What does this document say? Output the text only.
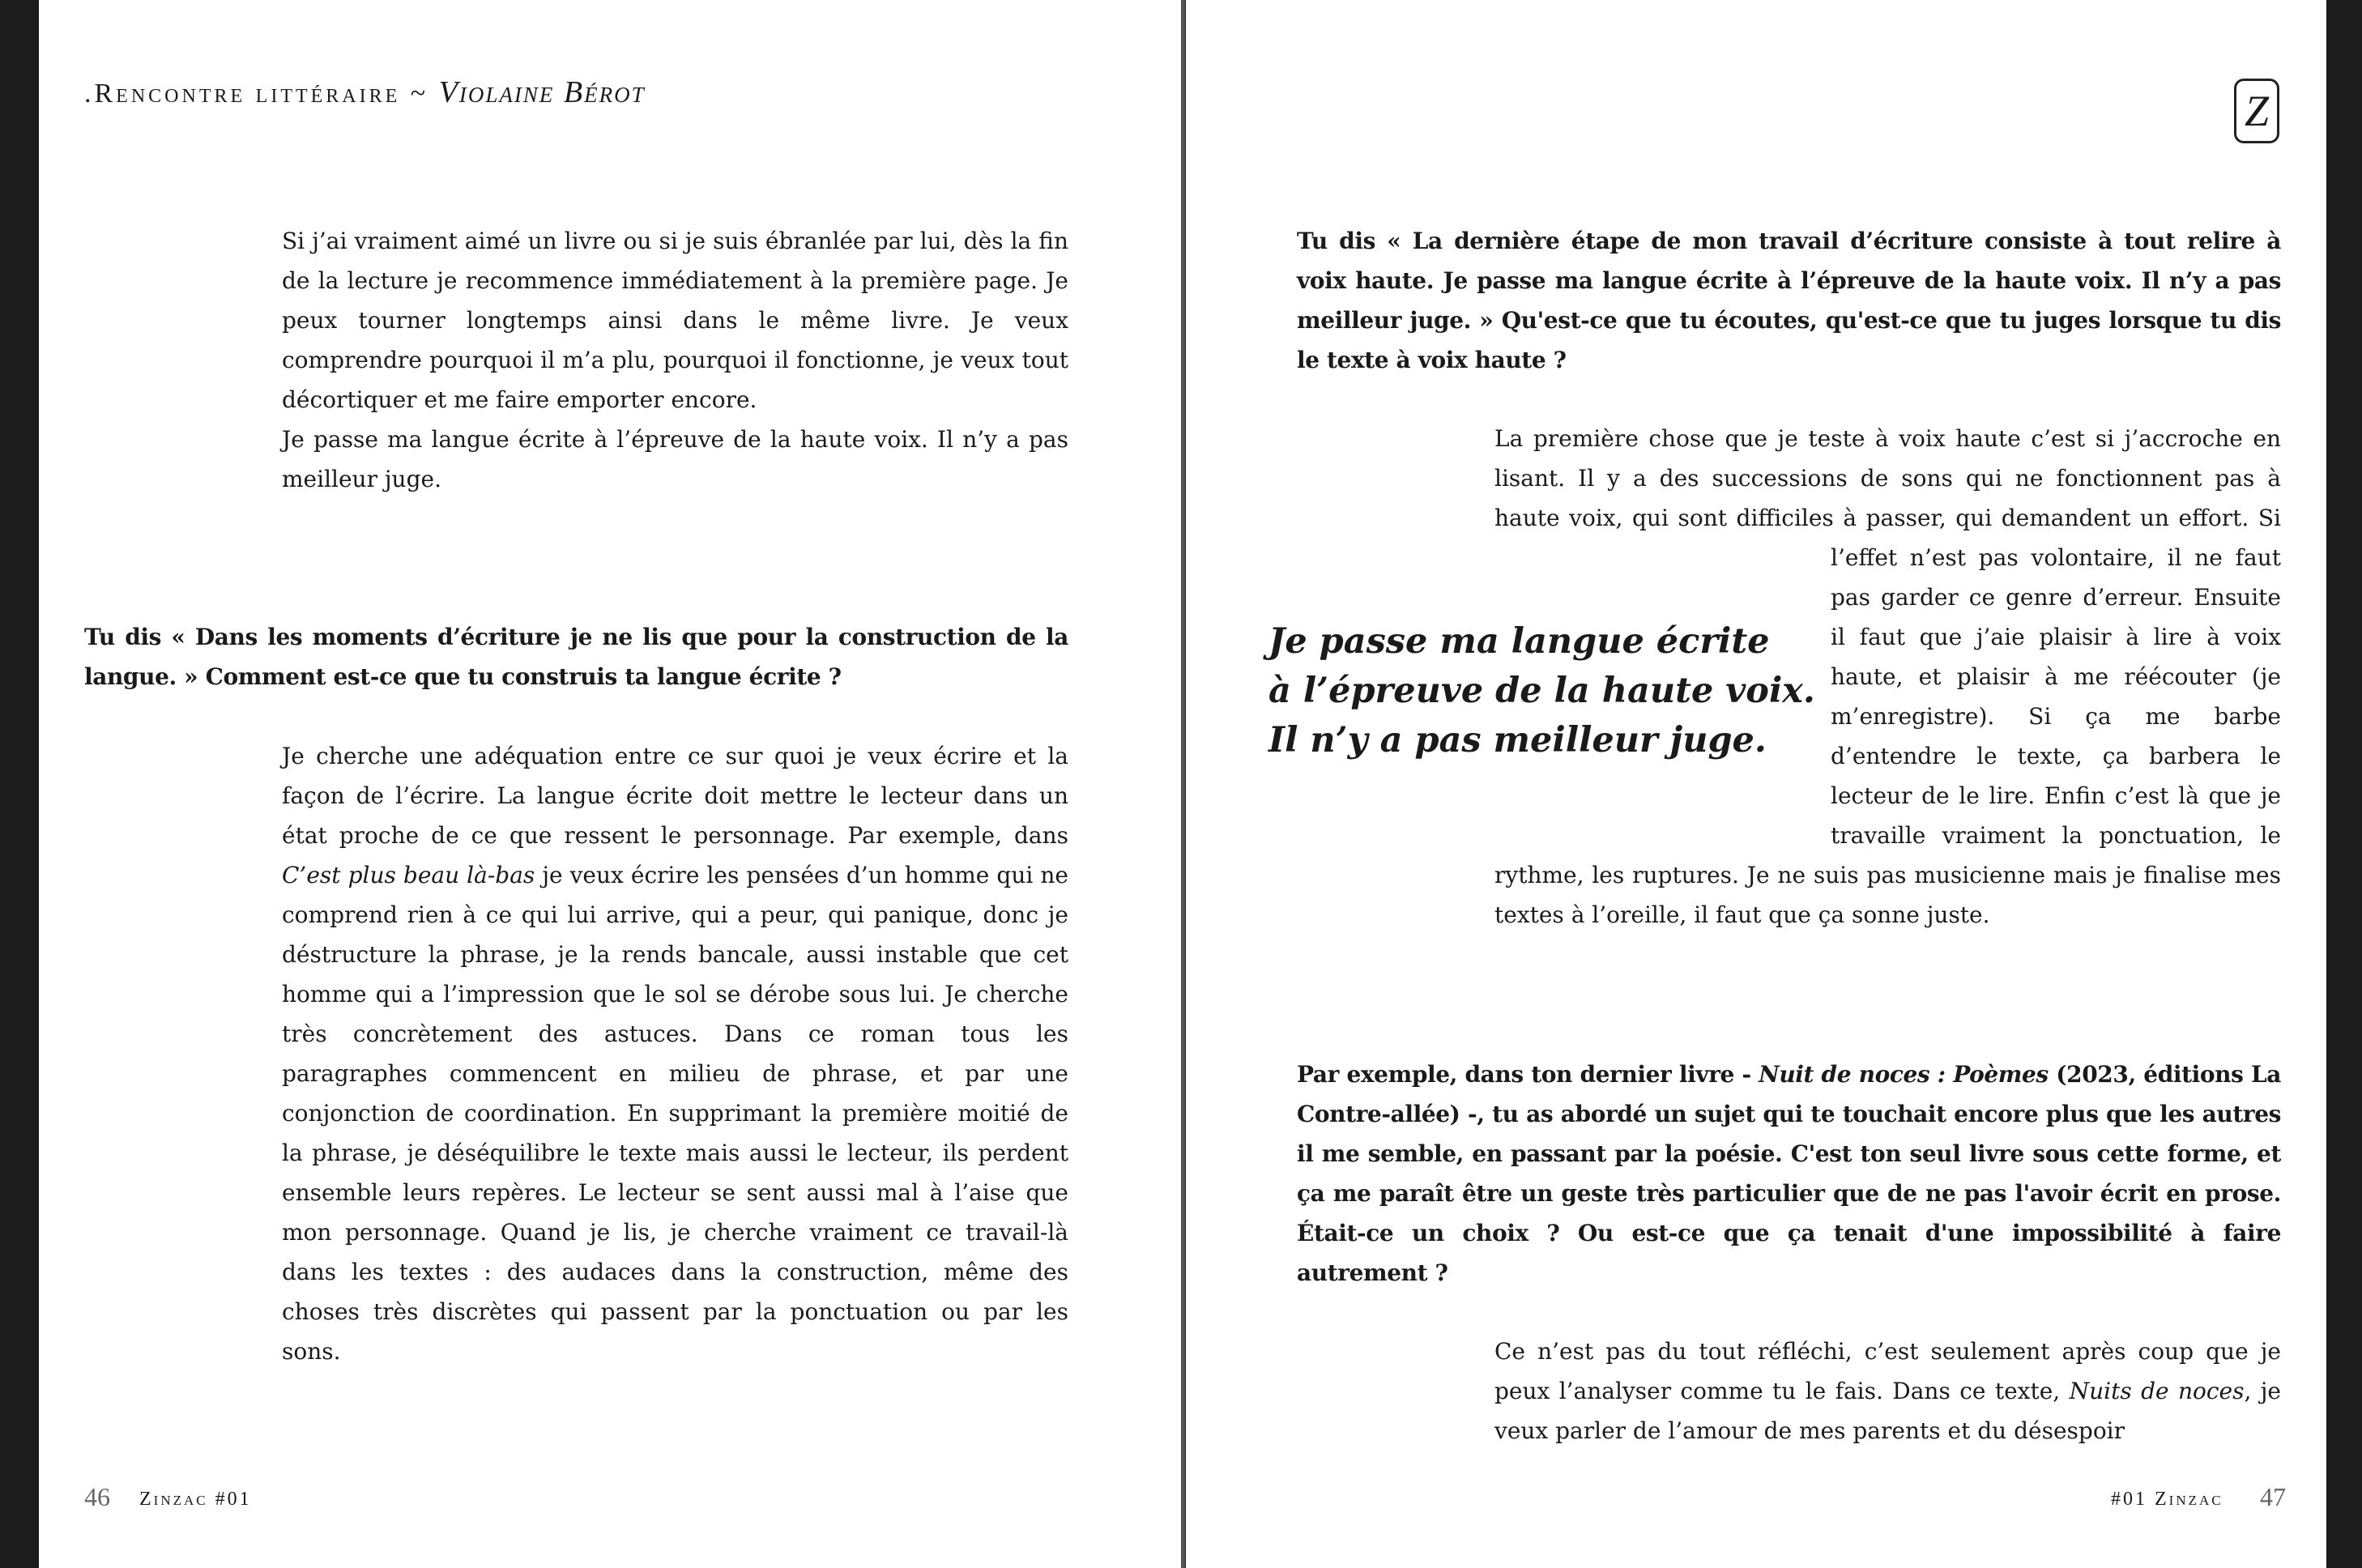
.Rencontre littéraire ~ Violaine Bérot

Si j’ai vraiment aimé un livre ou si je suis ébranlée par lui, dès la fin de la lecture je recommence immédiatement à la première page. Je peux tourner longtemps ainsi dans le même livre. Je veux comprendre pourquoi il m’a plu, pourquoi il fonctionne, je veux tout décortiquer et me faire emporter encore.

Je passe ma langue écrite à l’épreuve de la haute voix. Il n’y a pas meilleur juge.

Tu dis « Dans les moments d’écriture je ne lis que pour la construction de la langue. » Comment est-ce que tu construis ta langue écrite ?
Je cherche une adéquation entre ce sur quoi je veux écrire et la façon de l’écrire. La langue écrite doit mettre le lecteur dans un état proche de ce que ressent le personnage. Par exemple, dans C’est plus beau là-bas je veux écrire les pensées d’un homme qui ne comprend rien à ce qui lui arrive, qui a peur, qui panique, donc je déstructure la phrase, je la rends bancale, aussi instable que cet homme qui a l’impression que le sol se dérobe sous lui. Je cherche très concrètement des astuces. Dans ce roman tous les paragraphes commencent en milieu de phrase, et par une conjonction de coordination. En supprimant la première moitié de la phrase, je déséquilibre le texte mais aussi le lecteur, ils perdent ensemble leurs repères. Le lecteur se sent aussi mal à l’aise que mon personnage. Quand je lis, je cherche vraiment ce travail-là dans les textes : des audaces dans la construction, même des choses très discrètes qui passent par la ponctuation ou par les sons.
46 Zinzac #01
Z
Tu dis « La dernière étape de mon travail d’écriture consiste à tout relire à voix haute. Je passe ma langue écrite à l’épreuve de la haute voix. Il n’y a pas meilleur juge. » Qu'est-ce que tu écoutes, qu'est-ce que tu juges lorsque tu dis le texte à voix haute ?
La première chose que je teste à voix haute c’est si j’accroche en lisant. Il y a des successions de sons qui ne fonctionnent pas à haute voix, qui sont difficiles à passer, qui demandent un effort. Si l’effet n’est pas volontaire, il ne faut pas garder ce genre d’erreur. Ensuite il faut que j’aie plaisir à lire à voix haute, et plaisir à me réécouter (je m’enregistre). Si ça me barbe d’entendre le texte, ça barbera le lecteur de le lire. Enfin c’est là que je travaille vraiment la ponctuation, le rythme, les ruptures. Je ne suis pas musicienne mais je finalise mes textes à l’oreille, il faut que ça sonne juste.
Je passe ma langue écrite
à l’épreuve de la haute voix.
Il n’y a pas meilleur juge.
Par exemple, dans ton dernier livre - Nuit de noces : Poèmes (2023, éditions La Contre-allée) -, tu as abordé un sujet qui te touchait encore plus que les autres il me semble, en passant par la poésie. C'est ton seul livre sous cette forme, et ça me paraît être un geste très particulier que de ne pas l'avoir écrit en prose. Était-ce un choix ? Ou est-ce que ça tenait d'une impossibilité à faire autrement ?
Ce n’est pas du tout réfléchi, c’est seulement après coup que je peux l’analyser comme tu le fais. Dans ce texte, Nuits de noces, je veux parler de l’amour de mes parents et du désespoir
#01 Zinzac 47
